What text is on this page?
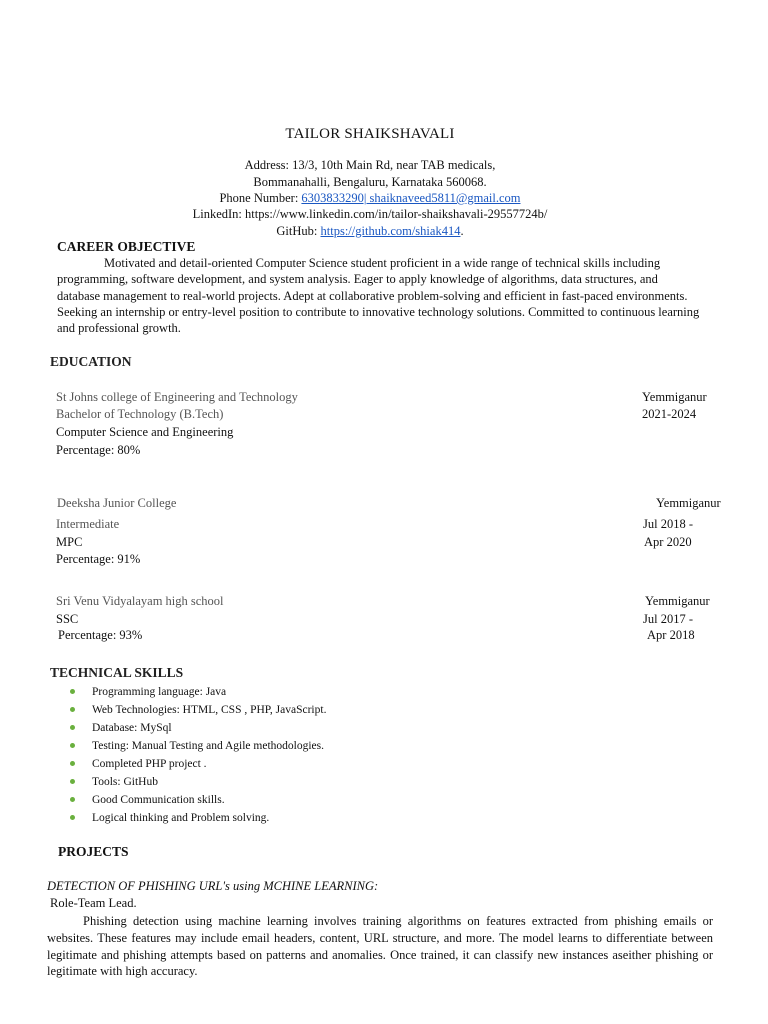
TAILOR SHAIKSHAVALI
Address: 13/3, 10th Main Rd, near TAB medicals,
Bommanahalli, Bengaluru, Karnataka 560068.
Phone Number: 6303833290| shaiknaveed5811@gmail.com
LinkedIn: https://www.linkedin.com/in/tailor-shaikshavali-29557724b/
GitHub: https://github.com/shiak414.
CAREER OBJECTIVE
Motivated and detail-oriented Computer Science student proficient in a wide range of technical skills including programming, software development, and system analysis. Eager to apply knowledge of algorithms, data structures, and database management to real-world projects. Adept at collaborative problem-solving and efficient in fast-paced environments. Seeking an internship or entry-level position to contribute to innovative technology solutions. Committed to continuous learning and professional growth.
EDUCATION
St Johns college of Engineering and Technology	Yemmiganur
Bachelor of Technology (B.Tech)	2021-2024
Computer Science and Engineering
Percentage: 80%
Deeksha Junior College	Yemmiganur
Intermediate	Jul 2018 -
MPC	Apr 2020
Percentage: 91%
Sri Venu Vidyalayam high school	Yemmiganur
SSC	Jul 2017 -
Percentage: 93%	Apr 2018
TECHNICAL SKILLS
Programming language: Java
Web Technologies: HTML, CSS , PHP, JavaScript.
Database: MySql
Testing: Manual Testing and Agile methodologies.
Completed PHP project .
Tools: GitHub
Good Communication skills.
Logical thinking and Problem solving.
PROJECTS
DETECTION OF PHISHING URL's using MCHINE LEARNING:
Role-Team Lead.
Phishing detection using machine learning involves training algorithms on features extracted from phishing emails or websites. These features may include email headers, content, URL structure, and more. The model learns to differentiate between legitimate and phishing attempts based on patterns and anomalies. Once trained, it can classify new instances aseither phishing or legitimate with high accuracy.
